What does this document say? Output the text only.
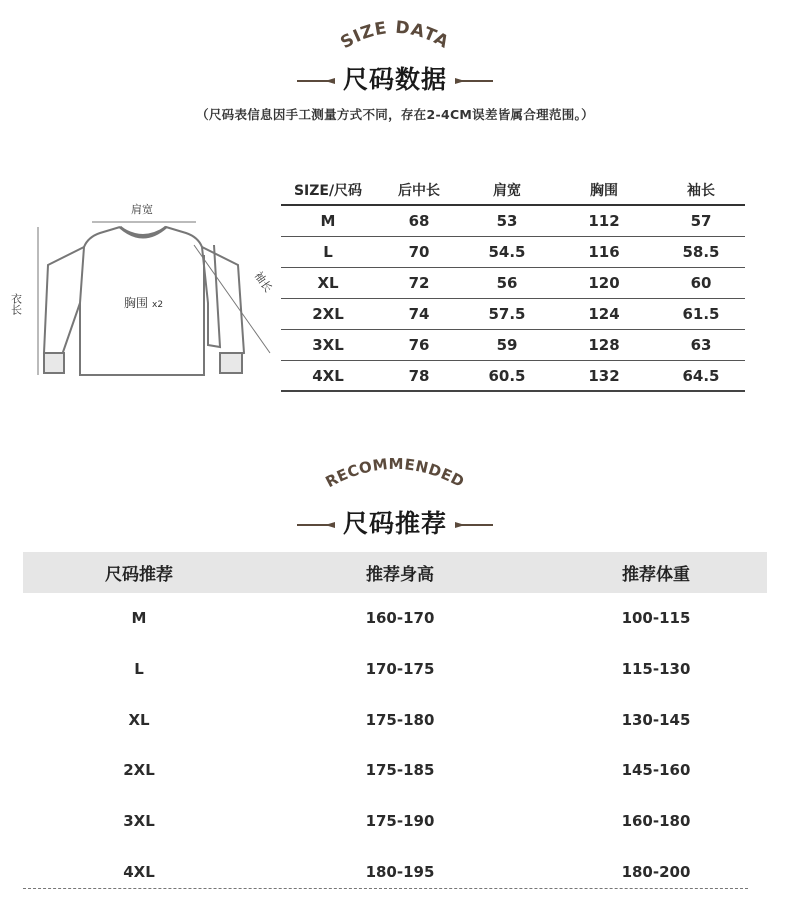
SIZE DATA
尺码数据
（尺码表信息因手工测量方式不同，存在2-4CM误差皆属合理范围。）
肩宽
衣长	胸围 x2
袖长
SIZE/尺码	后中长	肩宽	胸围	袖长
M	68	53	112	57
L	70	54.5	116	58.5
XL	72	56	120	60
2XL	74	57.5	124	61.5
3XL	76	59	128	63
4XL	78	60.5	132	64.5
RECOMMENDED
尺码推荐
尺码推荐	推荐身高	推荐体重
M	160-170	100-115
L	170-175	115-130
XL	175-180	130-145
2XL	175-185	145-160
3XL	175-190	160-180
4XL	180-195	180-200
